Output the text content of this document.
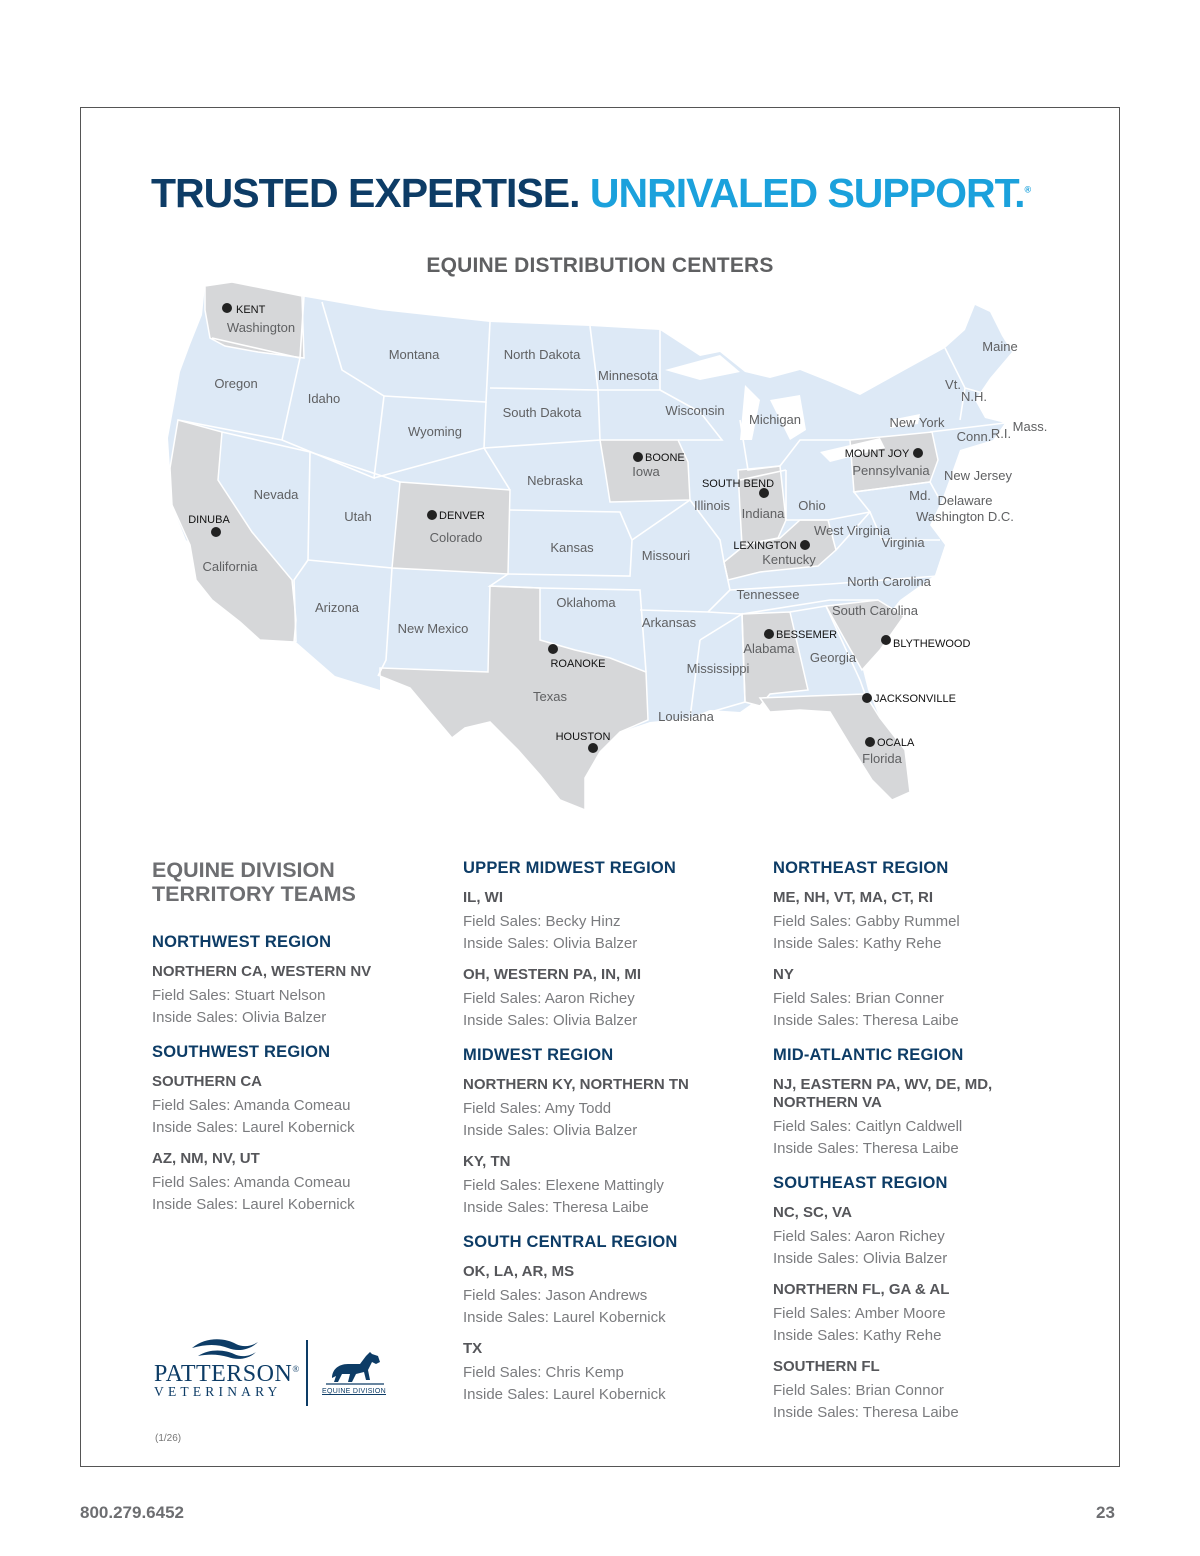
TRUSTED EXPERTISE. UNRIVALED SUPPORT.®
EQUINE DISTRIBUTION CENTERS
Washington
Oregon
Idaho
Montana
Wyoming
North Dakota
South Dakota
Minnesota
Wisconsin
Michigan
Nevada
California
Utah
Colorado
Nebraska
Iowa
Illinois
Indiana
Ohio
Kansas
Missouri	Kentucky
West Virginia
Virginia
Pennsylvania
New York
Maine
Vt.
N.H.
Mass.
R.I.
Conn.
New Jersey
Md. Delaware
Washington D.C.
Arizona
New Mexico
Oklahoma
Texas
Arkansas
Tennessee
North Carolina
South Carolina
Mississippi
Alabama
Georgia
Louisiana
Florida
KENT
DINUBA	DENVER
BOONE
SOUTH BEND
LEXINGTON
MOUNT JOY
ROANOKE
HOUSTON
BESSEMER
BLYTHEWOOD
JACKSONVILLE
OCALA
EQUINE DIVISION
TERRITORY TEAMS
NORTHWEST REGION
NORTHERN CA, WESTERN NV
Field Sales: Stuart Nelson
Inside Sales: Olivia Balzer
SOUTHWEST REGION
SOUTHERN CA
Field Sales: Amanda Comeau
Inside Sales: Laurel Kobernick
AZ, NM, NV, UT
Field Sales: Amanda Comeau
Inside Sales: Laurel Kobernick
UPPER MIDWEST REGION
IL, WI
Field Sales: Becky Hinz
Inside Sales: Olivia Balzer
OH, WESTERN PA, IN, MI
Field Sales: Aaron Richey
Inside Sales: Olivia Balzer
MIDWEST REGION
NORTHERN KY, NORTHERN TN
Field Sales: Amy Todd
Inside Sales: Olivia Balzer
KY, TN
Field Sales: Elexene Mattingly
Inside Sales: Theresa Laibe
SOUTH CENTRAL REGION
OK, LA, AR, MS
Field Sales: Jason Andrews
Inside Sales: Laurel Kobernick
TX
Field Sales: Chris Kemp
Inside Sales: Laurel Kobernick
NORTHEAST REGION
ME, NH, VT, MA, CT, RI
Field Sales: Gabby Rummel
Inside Sales: Kathy Rehe
NY
Field Sales: Brian Conner
Inside Sales: Theresa Laibe
MID-ATLANTIC REGION
NJ, EASTERN PA, WV, DE, MD, NORTHERN VA
Field Sales: Caitlyn Caldwell
Inside Sales: Theresa Laibe
SOUTHEAST REGION
NC, SC, VA
Field Sales: Aaron Richey
Inside Sales: Olivia Balzer
NORTHERN FL, GA & AL
Field Sales: Amber Moore
Inside Sales: Kathy Rehe
SOUTHERN FL
Field Sales: Brian Connor
Inside Sales: Theresa Laibe
PATTERSON®
VETERINARY	EQUINE DIVISION
(1/26)
800.279.6452	23
